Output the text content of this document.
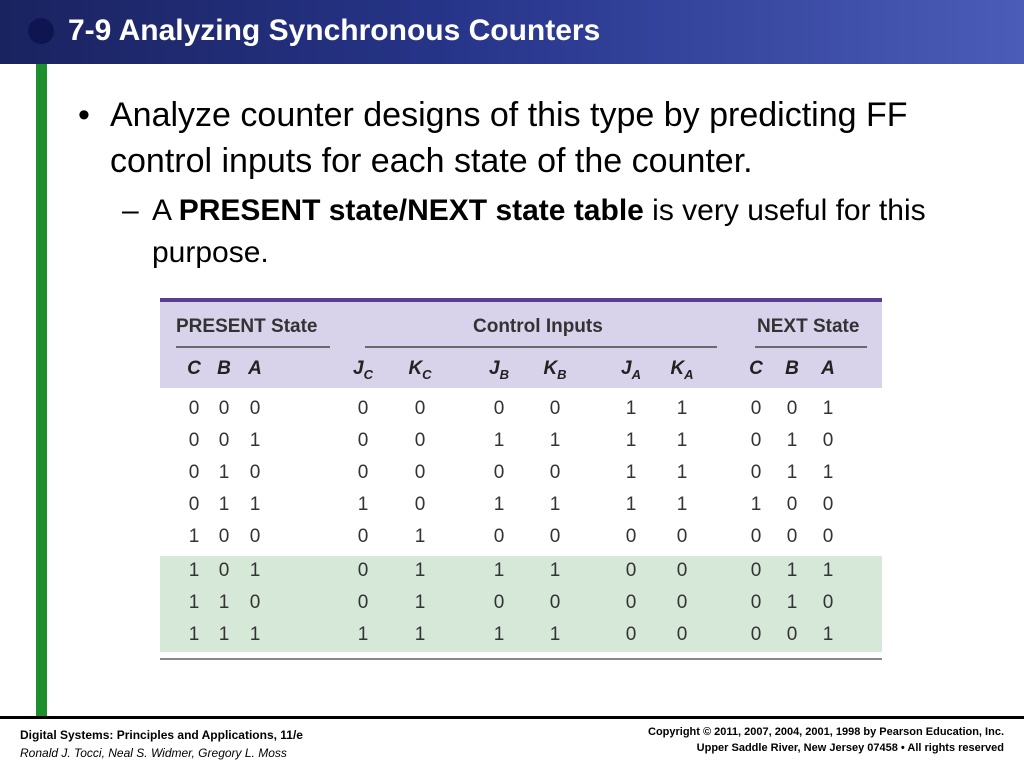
7-9 Analyzing Synchronous Counters
• Analyze counter designs of this type by predicting FF control inputs for each state of the counter.
– A PRESENT state/NEXT state table is very useful for this purpose.
PRESENT State	Control Inputs	NEXT State
C B A	$J_C$	$K_C$	$J_B$	$K_B$	$J_A$	$K_A$	C	B	A
0	0	0	0	0	0	0	1	1	0	0	1
0	0	1	0	0	1	1	1	1	0	1	0
0	1	0	0	0	0	0	1	1	0	1	1
0	1	1	1	0	1	1	1	1	1	0	0
1	0	0	0	1	0	0	0	0	0	0	0
1	0	1	0	1	1	1	0	0	0	1	1
1	1	0	0	1	0	0	0	0	0	1	0
1	1	1	1	1	1	1	0	0	0	0	1
Digital Systems: Principles and Applications, 11/e
Ronald J. Tocci, Neal S. Widmer, Gregory L. Moss
Copyright © 2011, 2007, 2004, 2001, 1998 by Pearson Education, Inc.
Upper Saddle River, New Jersey 07458 • All rights reserved
